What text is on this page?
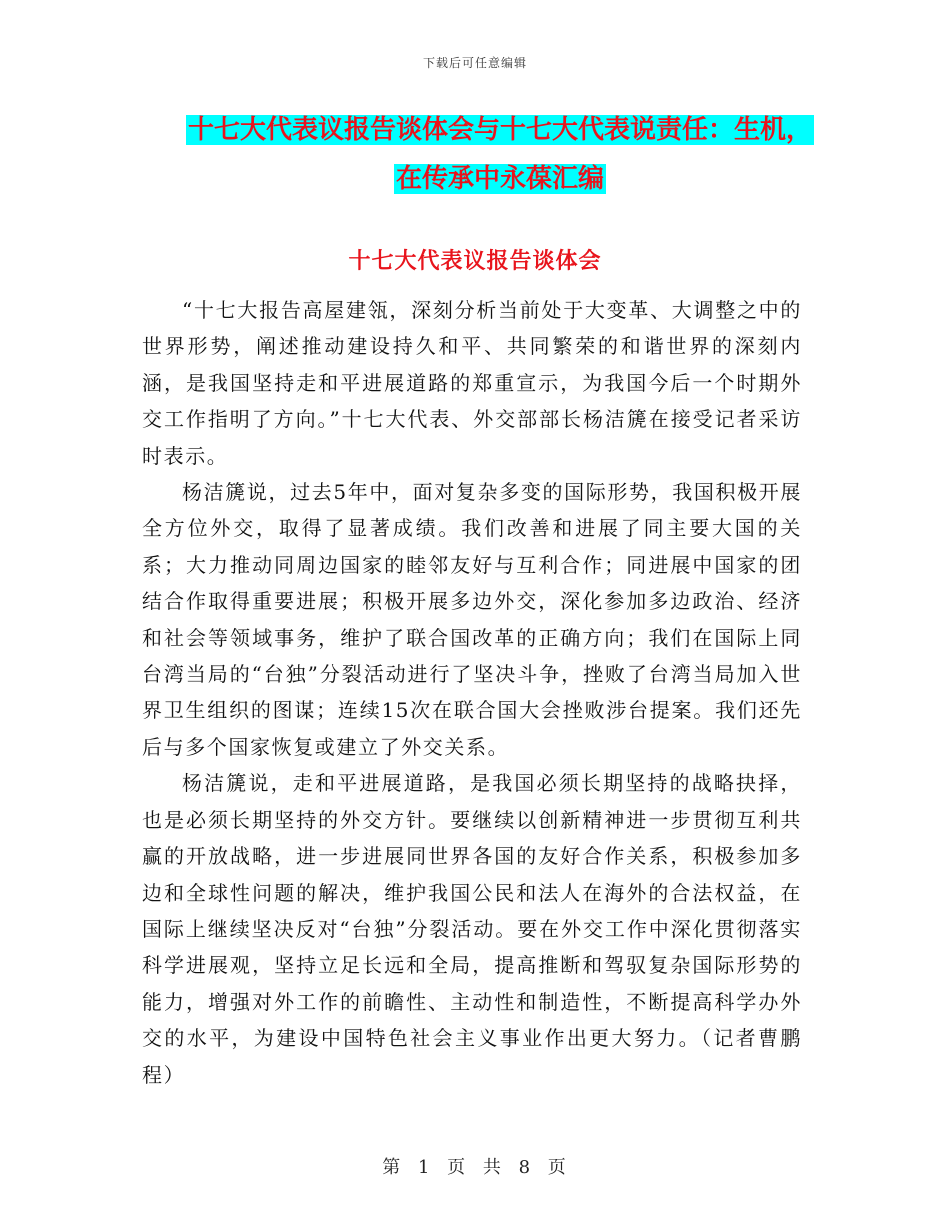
下载后可任意编辑
十七大代表议报告谈体会与十七大代表说责任：生机，
在传承中永葆汇编
十七大代表议报告谈体会

“十七大报告高屋建瓴，深刻分析当前处于大变革、大调整之中的世界形势，阐述推动建设持久和平、共同繁荣的和谐世界的深刻内涵，是我国坚持走和平进展道路的郑重宣示，为我国今后一个时期外交工作指明了方向。”十七大代表、外交部部长杨洁篪在接受记者采访时表示。

杨洁篪说，过去5年中，面对复杂多变的国际形势，我国积极开展全方位外交，取得了显著成绩。我们改善和进展了同主要大国的关系；大力推动同周边国家的睦邻友好与互利合作；同进展中国家的团结合作取得重要进展；积极开展多边外交，深化参加多边政治、经济和社会等领域事务，维护了联合国改革的正确方向；我们在国际上同台湾当局的“台独”分裂活动进行了坚决斗争，挫败了台湾当局加入世界卫生组织的图谋；连续15次在联合国大会挫败涉台提案。我们还先后与多个国家恢复或建立了外交关系。

杨洁篪说，走和平进展道路，是我国必须长期坚持的战略抉择，也是必须长期坚持的外交方针。要继续以创新精神进一步贯彻互利共赢的开放战略，进一步进展同世界各国的友好合作关系，积极参加多边和全球性问题的解决，维护我国公民和法人在海外的合法权益，在国际上继续坚决反对“台独”分裂活动。要在外交工作中深化贯彻落实科学进展观，坚持立足长远和全局，提高推断和驾驭复杂国际形势的能力，增强对外工作的前瞻性、主动性和制造性，不断提高科学办外交的水平，为建设中国特色社会主义事业作出更大努力。（记者曹鹏程）

第 1 页 共 8 页
